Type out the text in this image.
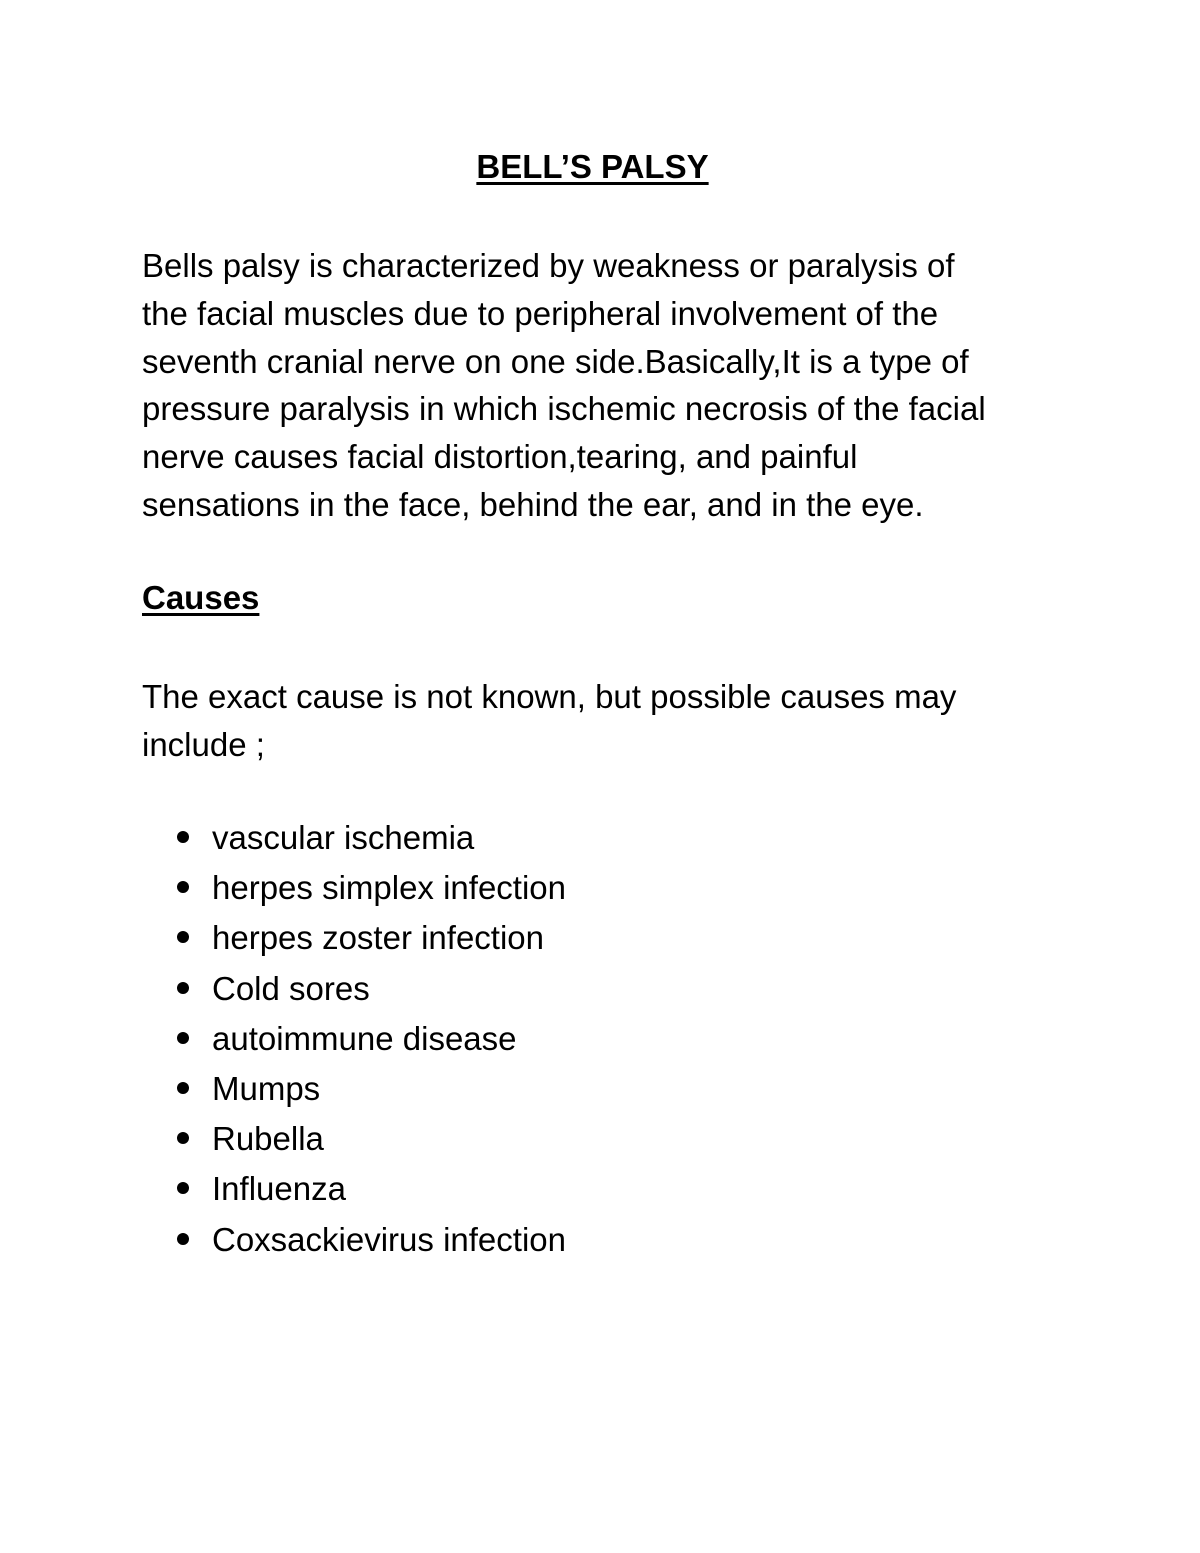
BELL’S PALSY

Bells palsy is characterized by weakness or paralysis of
the facial muscles due to peripheral involvement of the
seventh cranial nerve on one side.Basically,It is a type of
pressure paralysis in which ischemic necrosis of the facial
nerve causes facial distortion,tearing, and painful
sensations in the face, behind the ear, and in the eye.

Causes
The exact cause is not known, but possible causes may
include ;
vascular ischemia
herpes simplex infection
herpes zoster infection
Cold sores
autoimmune disease
Mumps
Rubella
Influenza
Coxsackievirus infection
